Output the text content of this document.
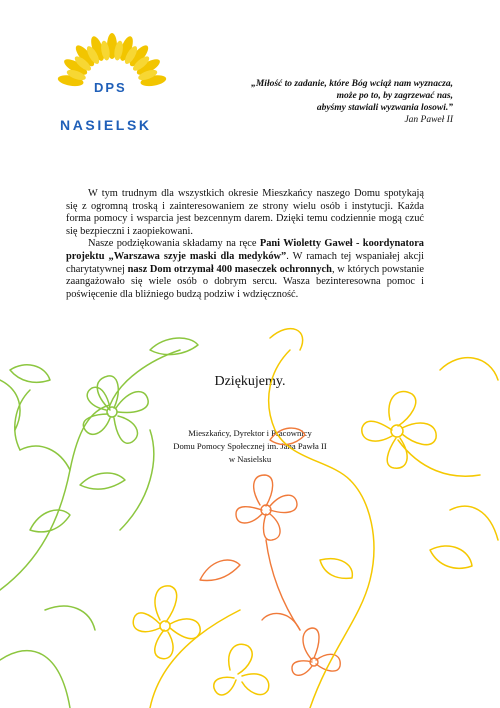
DPS
NASIELSK
„Miłość to zadanie, które Bóg wciąż nam wyznacza,
może po to, by zagrzewać nas,
abyśmy stawiali wyzwania losowi.”
Jan Paweł II

W tym trudnym dla wszystkich okresie Mieszkańcy naszego Domu spotykają się z ogromną troską i zainteresowaniem ze strony wielu osób i instytucji. Każda forma pomocy i wsparcia jest bezcennym darem. Dzięki temu codziennie mogą czuć się bezpieczni i zaopiekowani.

Nasze podziękowania składamy na ręce Pani Wioletty Gaweł - koordynatora projektu „Warszawa szyje maski dla medyków”. W ramach tej wspaniałej akcji charytatywnej nasz Dom otrzymał 400 maseczek ochronnych, w których powstanie zaangażowało się wiele osób o dobrym sercu. Wasza bezinteresowna pomoc i poświęcenie dla bliźniego budzą podziw i wdzięczność.

Dziękujemy.
Mieszkańcy, Dyrektor i Pracownicy
Domu Pomocy Społecznej im. Jana Pawła II
w Nasielsku
